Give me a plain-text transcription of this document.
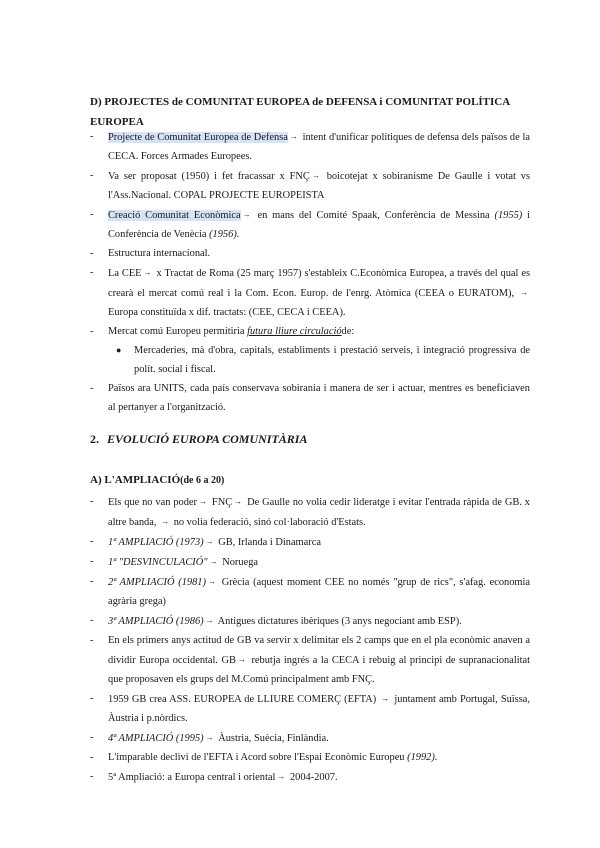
D) PROJECTES de COMUNITAT EUROPEA de DEFENSA i COMUNITAT POLÍTICA EUROPEA
- Projecte de Comunitat Europea de Defensa → intent d'unificar polítiques de defensa dels països de la CECA. Forces Armades Europees.
- Va ser proposat (1950) i fet fracassar x FNÇ → boicotejat x sobiranisme De Gaulle i votat vs l'Ass.Nacional. COPAL PROJECTE EUROPEISTA
- Creació Comunitat Econòmica → en mans del Comité Spaak, Conferència de Messina (1955) i Conferència de Venècia (1956).
- Estructura internacional.
- La CEE → x Tractat de Roma (25 març 1957) s'estableix C.Econòmica Europea, a través del qual es crearà el mercat comú real i la Com. Econ. Europ. de l'enrg. Atòmica (CEEA o EURATOM), → Europa constituïda x dif. tractats: (CEE, CECA i CEEA).
- Mercat comú Europeu permitiria futura lliure circulacióde:
● Mercaderies, mà d'obra, capitals, establiments i prestació serveis, i integració progressiva de polít. social i fiscal.
- Països ara UNITS, cada país conservava sobirania i manera de ser i actuar, mentres es beneficiaven al pertanyer a l'organització.
2. EVOLUCIÓ EUROPA COMUNITÀRIA
A) L'AMPLIACIÓ(de 6 a 20)
- Els que no van poder → FNÇ → De Gaulle no volia cedir lideratge i evitar l'entrada ràpida de GB. x altre banda, → no volia federació, sinó col·laboració d'Estats.
- 1ª AMPLIACIÓ (1973) → GB, Irlanda i Dinamarca
- 1ª "DESVINCULACIÓ" → Noruega
- 2ª AMPLIACIÓ (1981) → Grècia (aquest moment CEE no només "grup de rics", s'afag. economia agrària grega)
- 3ª AMPLIACIÓ (1986) → Antigues dictatures ibèriques (3 anys negociant amb ESP).
- En els primers anys actitud de GB va servir x delimitar els 2 camps que en el pla econòmic anaven a dividir Europa occidental. GB → rebutja ingrés a la CECA i rebuig al principi de supranacionalitat que proposaven els grups del M.Comú principalment amb FNÇ.
- 1959 GB crea ASS. EUROPEA de LLIURE COMERÇ (EFTA) → juntament amb Portugal, Suïssa, Àustria i p.nòrdics.
- 4ª AMPLIACIÓ (1995) → Àustria, Suècia, Finlàndia.
- L'imparable declivi de l'EFTA i Acord sobre l'Espai Econòmic Europeu (1992).
- 5ª Ampliació: a Europa central i oriental → 2004-2007.
